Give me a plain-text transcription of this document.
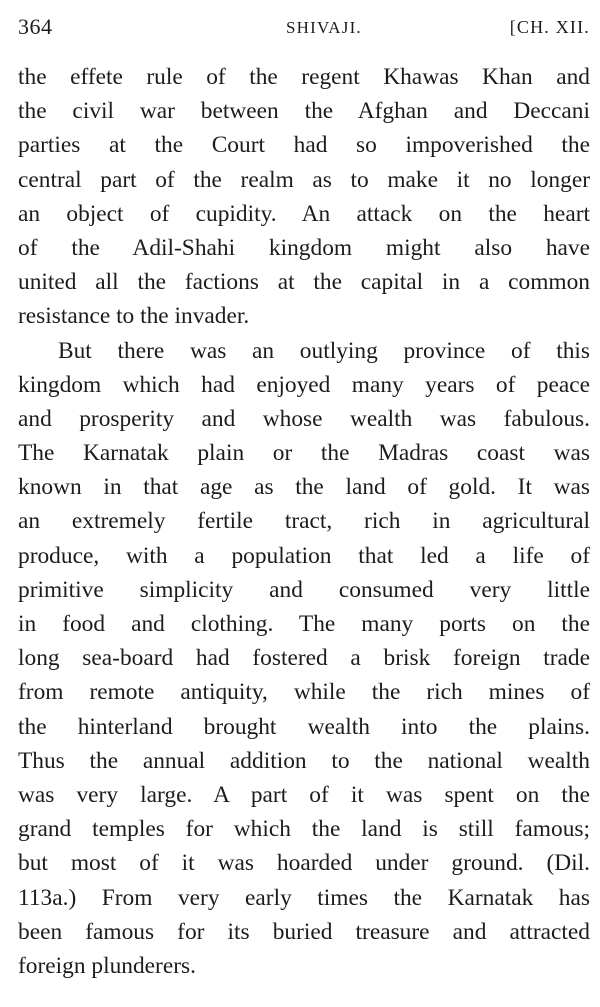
364	SHIVAJI.	[CH. XII.
the effete rule of the regent Khawas Khan and
the civil war between the Afghan and Deccani
parties at the Court had so impoverished the
central part of the realm as to make it no longer
an object of cupidity. An attack on the heart
of the Adil-Shahi kingdom might also have
united all the factions at the capital in a common
resistance to the invader.
But there was an outlying province of this
kingdom which had enjoyed many years of peace
and prosperity and whose wealth was fabulous.
The Karnatak plain or the Madras coast was
known in that age as the land of gold. It was
an extremely fertile tract, rich in agricultural
produce, with a population that led a life of
primitive simplicity and consumed very little
in food and clothing. The many ports on the
long sea-board had fostered a brisk foreign trade
from remote antiquity, while the rich mines of
the hinterland brought wealth into the plains.
Thus the annual addition to the national wealth
was very large. A part of it was spent on the
grand temples for which the land is still famous;
but most of it was hoarded under ground. (Dil.
113a.) From very early times the Karnatak has
been famous for its buried treasure and attracted
foreign plunderers.
